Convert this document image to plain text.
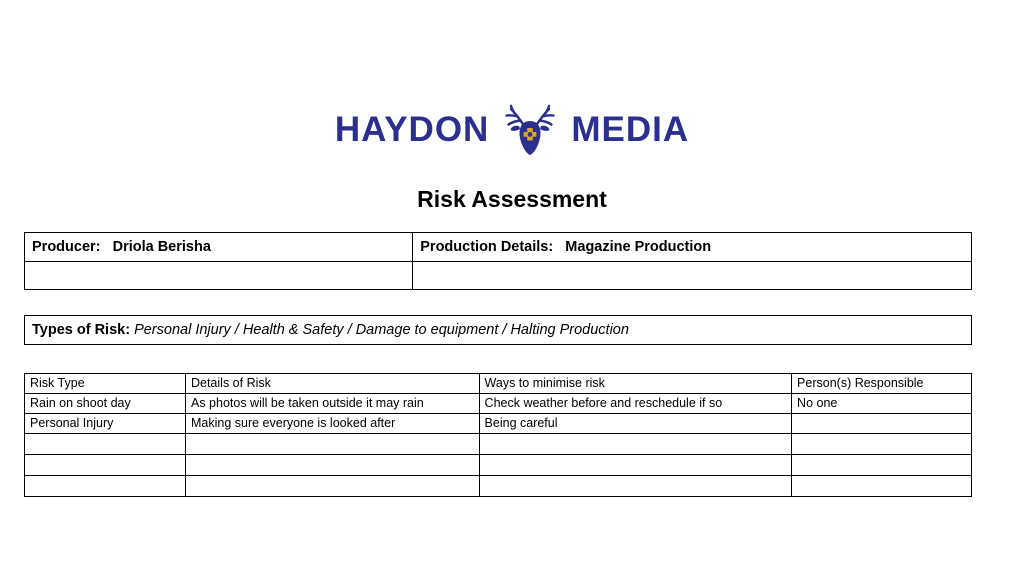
HAYDON MEDIA
Risk Assessment
Producer: Driola Berisha	Production Details: Magazine Production

Types of Risk: Personal Injury / Health & Safety / Damage to equipment / Halting Production
Risk Type	Details of Risk	Ways to minimise risk	Person(s) Responsible
Rain on shoot day	As photos will be taken outside it may rain	Check weather before and reschedule if so	No one
Personal Injury	Making sure everyone is looked after	Being careful	
